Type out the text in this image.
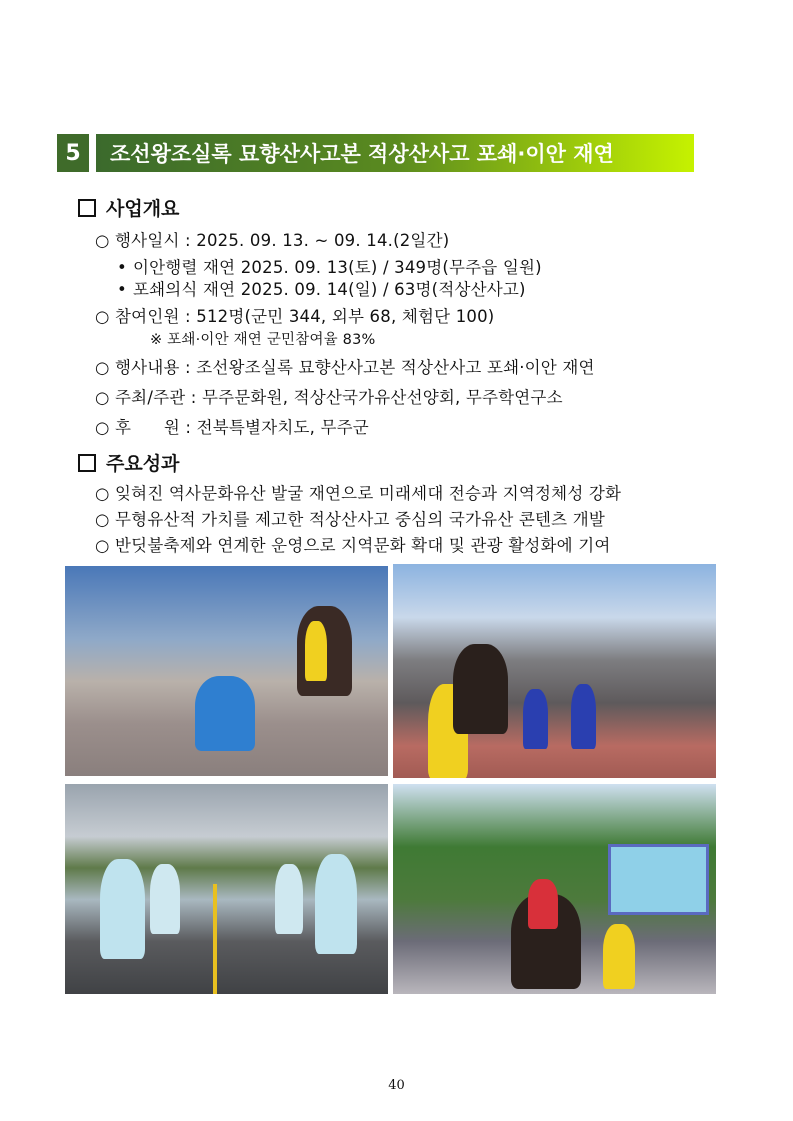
5	조선왕조실록 묘향산사고본 적상산사고 포쇄·이안 재연
사업개요
○ 행사일시 : 2025. 09. 13. ~ 09. 14.(2일간)
• 이안행렬 재연 2025. 09. 13(토) / 349명(무주읍 일원)
• 포쇄의식 재연 2025. 09. 14(일) / 63명(적상산사고)
○ 참여인원 : 512명(군민 344, 외부 68, 체험단 100)
※ 포쇄·이안 재연 군민참여율 83%
○ 행사내용 : 조선왕조실록 묘향산사고본 적상산사고 포쇄·이안 재연
○ 주최/주관 : 무주문화원, 적상산국가유산선양회, 무주학연구소
○ 후      원 : 전북특별자치도, 무주군
주요성과
○ 잊혀진 역사문화유산 발굴 재연으로 미래세대 전승과 지역정체성 강화
○ 무형유산적 가치를 제고한 적상산사고 중심의 국가유산 콘텐츠 개발
○ 반딧불축제와 연계한 운영으로 지역문화 확대 및 관광 활성화에 기여
40
